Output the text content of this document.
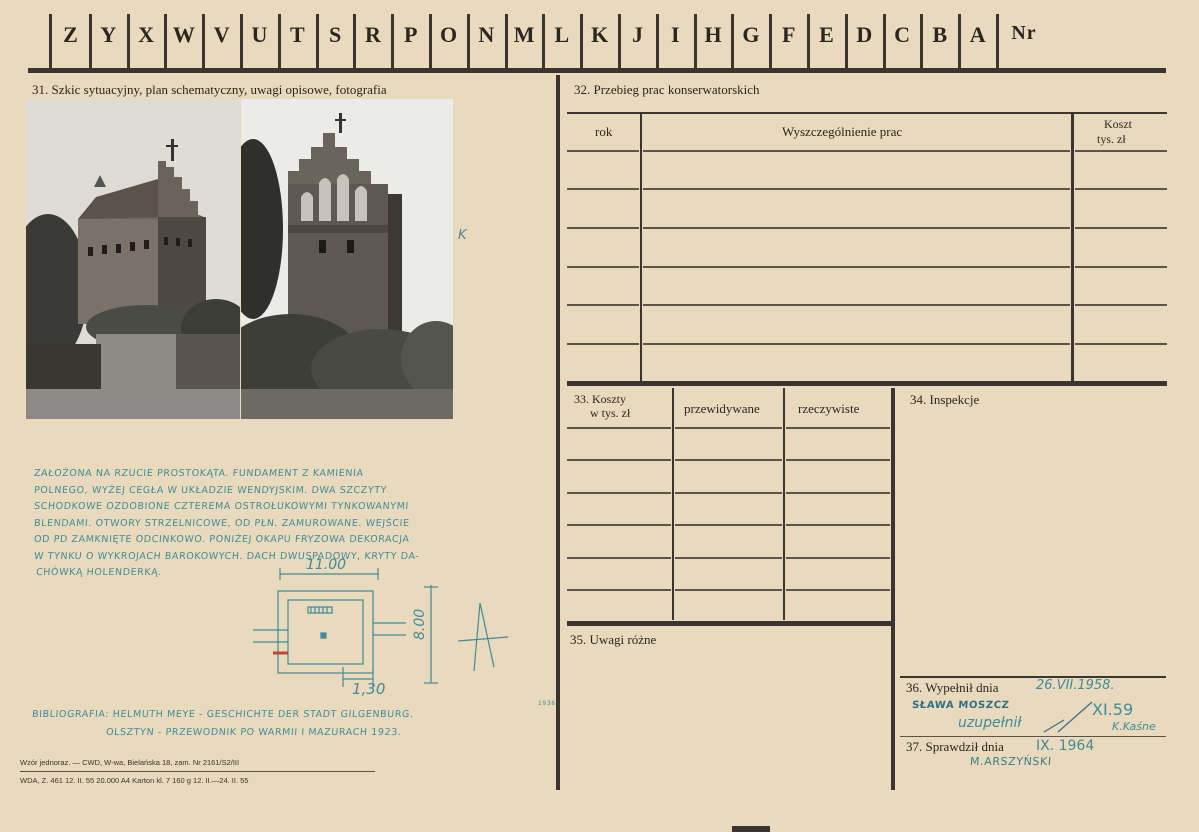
Z Y X W V U T	S	R	P O N M L K	J	I	H G F	E D C B A	Nr
31. Szkic sytuacyjny, plan schematyczny, uwagi opisowe, fotografia
K
ZAŁOŻONA NA RZUCIE PROSTOKĄTA. FUNDAMENT Z KAMIENIA
POLNEGO, WYŻEJ CEGŁA W UKŁADZIE WENDYJSKIM. DWA SZCZYTY
SCHODKOWE OZDOBIONE CZTEREMA OSTROŁUKOWYMI TYNKOWANYMI
BLENDAMI. OTWORY STRZELNICOWE, OD PŁN. ZAMUROWANE. WEJŚCIE
OD PD ZAMKNIĘTE ODCINKOWO. PONIŻEJ OKAPU FRYZOWA DEKORACJA
W TYNKU O WYKROJACH BAROKOWYCH. DACH DWUSPADOWY, KRYTY DA-
CHÓWKĄ HOLENDERKĄ.	11.00
8.00
1,30
BIBLIOGRAFIA: HELMUTH MEYE - GESCHICHTE DER STADT GILGENBURG.
1936
OLSZTYN - PRZEWODNIK PO WARMII I MAZURACH 1923.
Wzór jednoraz. — CWD, W-wa, Bielańska 18, zam. Nr 2161/S2/III
WDA, Z. 461 12. II. 55 20.000 A4 Karton kl. 7 160 g 12. II.—24. II. 55
32. Przebieg prac konserwatorskich
rok	Wyszczególnienie prac	Koszt
tys. zł
33. Koszty
w tys. zł	przewidywane	rzeczywiste
34. Inspekcje
35. Uwagi różne
36. Wypełnił dnia	26.VII.1958.
SŁAWA MOSZCZ
uzupełnił
XI.59
K.Kaśne
37. Sprawdził dnia IX. 1964
M.ARSZYŃSKI
